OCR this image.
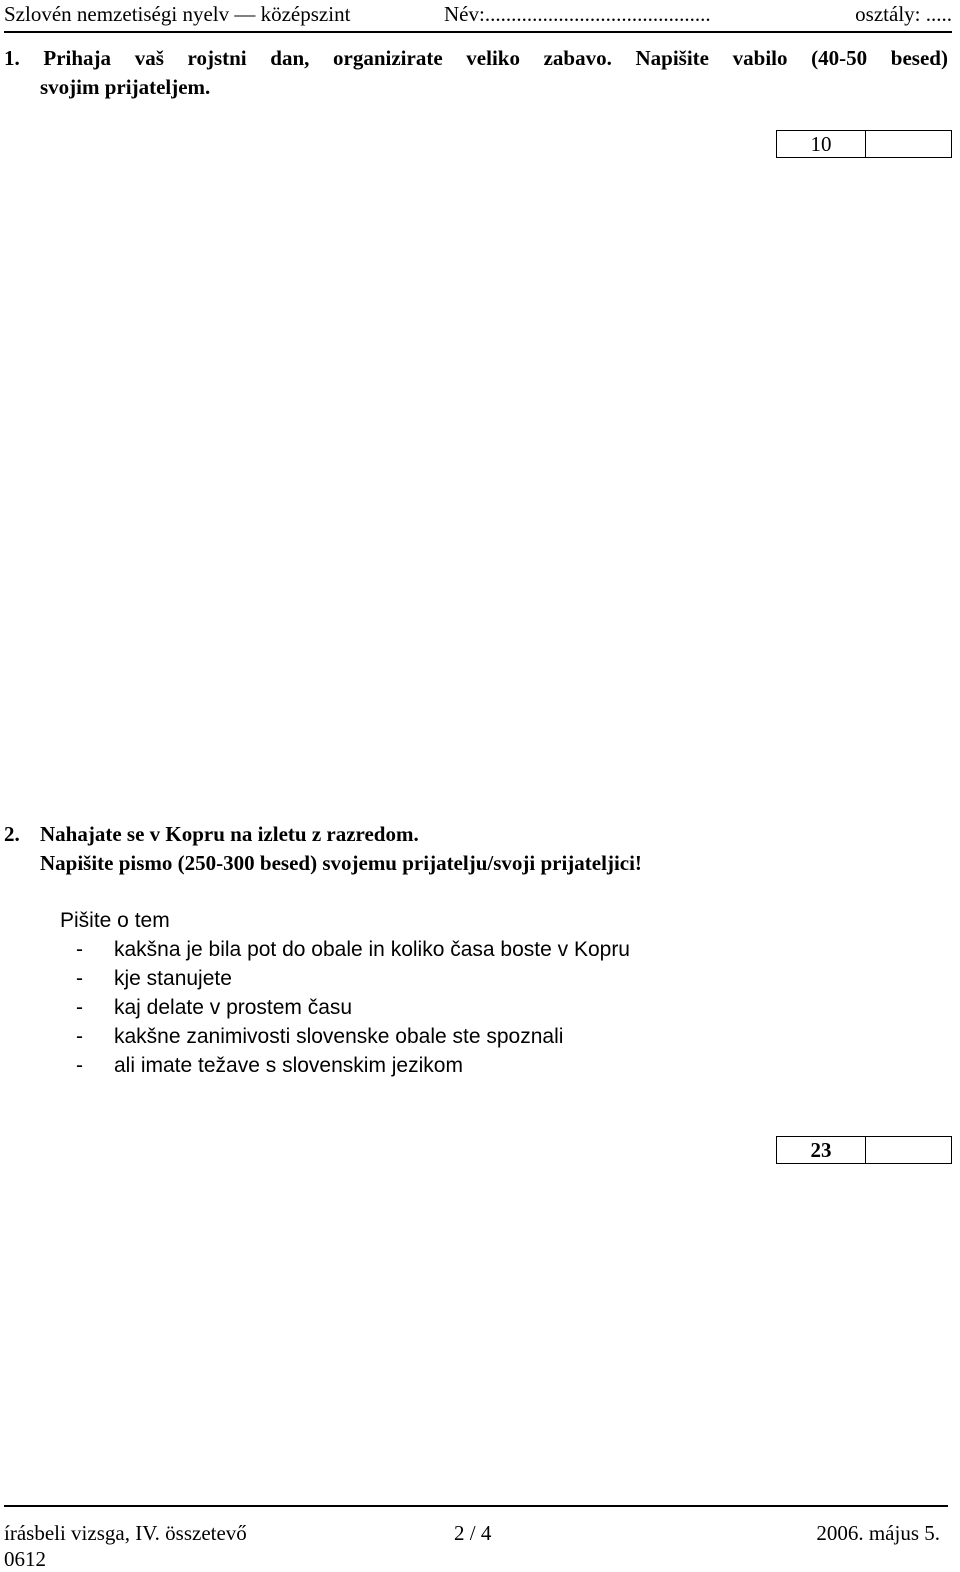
Szlovén nemzetiségi nyelv — középszint	Név:...........................................	osztály: .....
1. Prihaja vaš rojstni dan, organizirate veliko zabavo. Napišite vabilo (40-50 besed)
svojim prijateljem.
10
2. Nahajate se v Kopru na izletu z razredom.
Napišite pismo (250-300 besed) svojemu prijatelju/svoji prijateljici!
Pišite o tem
-	kakšna je bila pot do obale in koliko časa boste v Kopru
-	kje stanujete
-	kaj delate v prostem času
-	kakšne zanimivosti slovenske obale ste spoznali
-	ali imate težave s slovenskim jezikom
23
írásbeli vizsga, IV. összetevő	2 / 4	2006. május 5.
0612
